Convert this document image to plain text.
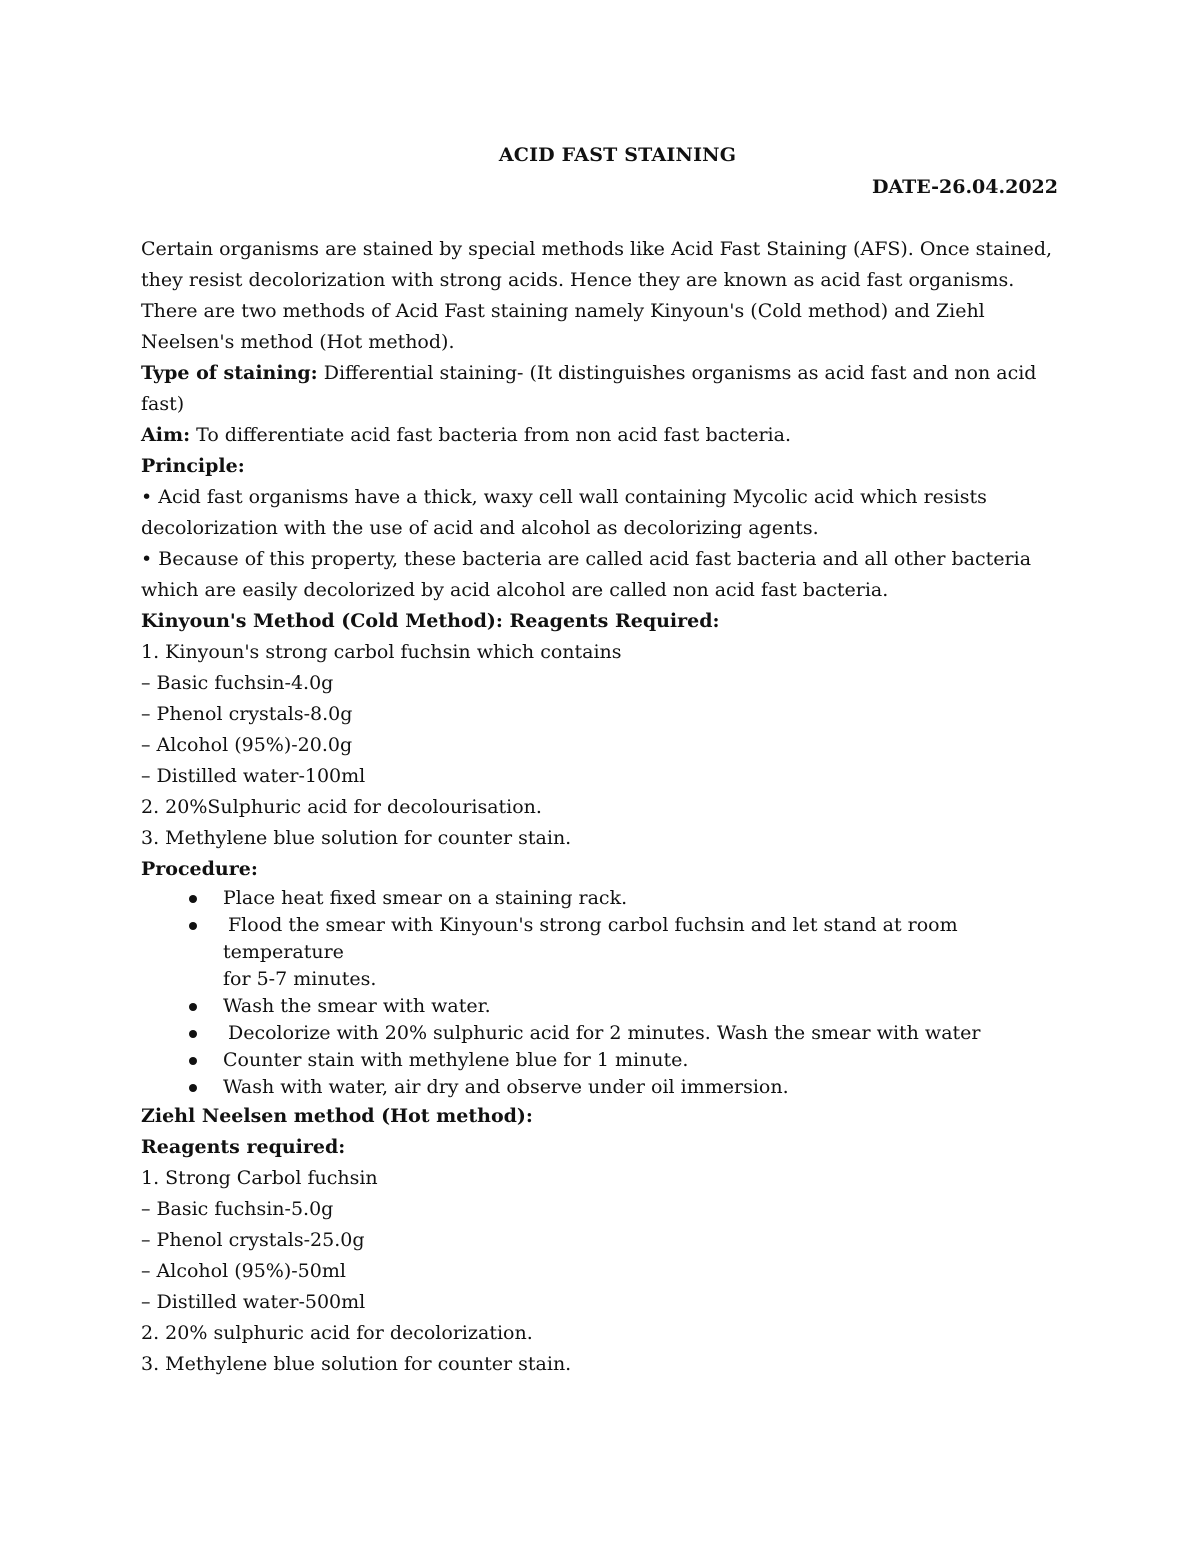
ACID FAST STAINING
DATE-26.04.2022

Certain organisms are stained by special methods like Acid Fast Staining (AFS). Once stained, they resist decolorization with strong acids. Hence they are known as acid fast organisms. There are two methods of Acid Fast staining namely Kinyoun's (Cold method) and Ziehl Neelsen's method (Hot method).

Type of staining: Differential staining- (It distinguishes organisms as acid fast and non acid fast)

Aim: To differentiate acid fast bacteria from non acid fast bacteria.

Principle:

• Acid fast organisms have a thick, waxy cell wall containing Mycolic acid which resists decolorization with the use of acid and alcohol as decolorizing agents.

• Because of this property, these bacteria are called acid fast bacteria and all other bacteria which are easily decolorized by acid alcohol are called non acid fast bacteria.

Kinyoun's Method (Cold Method): Reagents Required:

1. Kinyoun's strong carbol fuchsin which contains

– Basic fuchsin-4.0g

– Phenol crystals-8.0g

– Alcohol (95%)-20.0g

– Distilled water-100ml

2. 20%Sulphuric acid for decolourisation.

3. Methylene blue solution for counter stain.

Procedure:

Place heat fixed smear on a staining rack.
Flood the smear with Kinyoun's strong carbol fuchsin and let stand at room temperature
for 5-7 minutes.
Wash the smear with water.
Decolorize with 20% sulphuric acid for 2 minutes. Wash the smear with water
Counter stain with methylene blue for 1 minute.
Wash with water, air dry and observe under oil immersion.

Ziehl Neelsen method (Hot method):

Reagents required:

1. Strong Carbol fuchsin

– Basic fuchsin-5.0g

– Phenol crystals-25.0g

– Alcohol (95%)-50ml

– Distilled water-500ml

2. 20% sulphuric acid for decolorization.

3. Methylene blue solution for counter stain.
